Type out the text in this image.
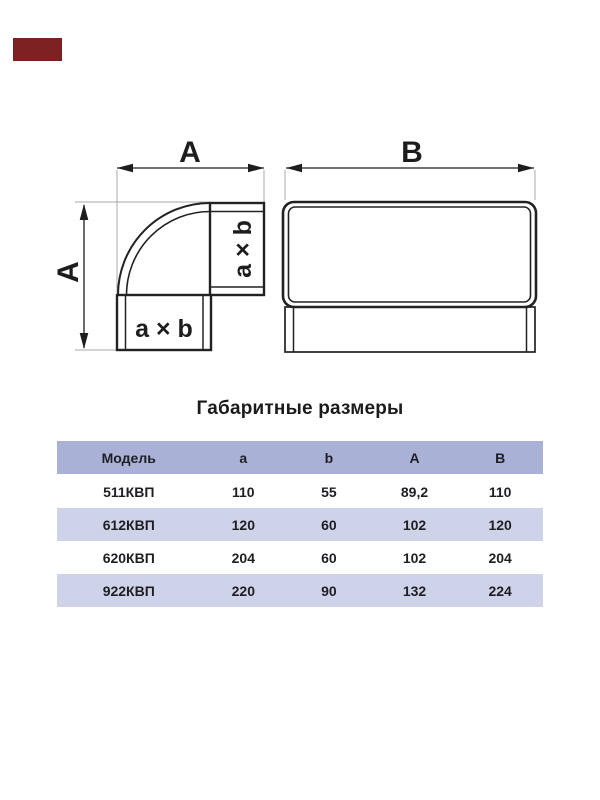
A
A	a × b
a × b
B
Габаритные размеры
Модель	a	b	A	B
511КВП	110	55	89,2	110
612КВП	120	60	102	120
620КВП	204	60	102	204
922КВП	220	90	132	224
